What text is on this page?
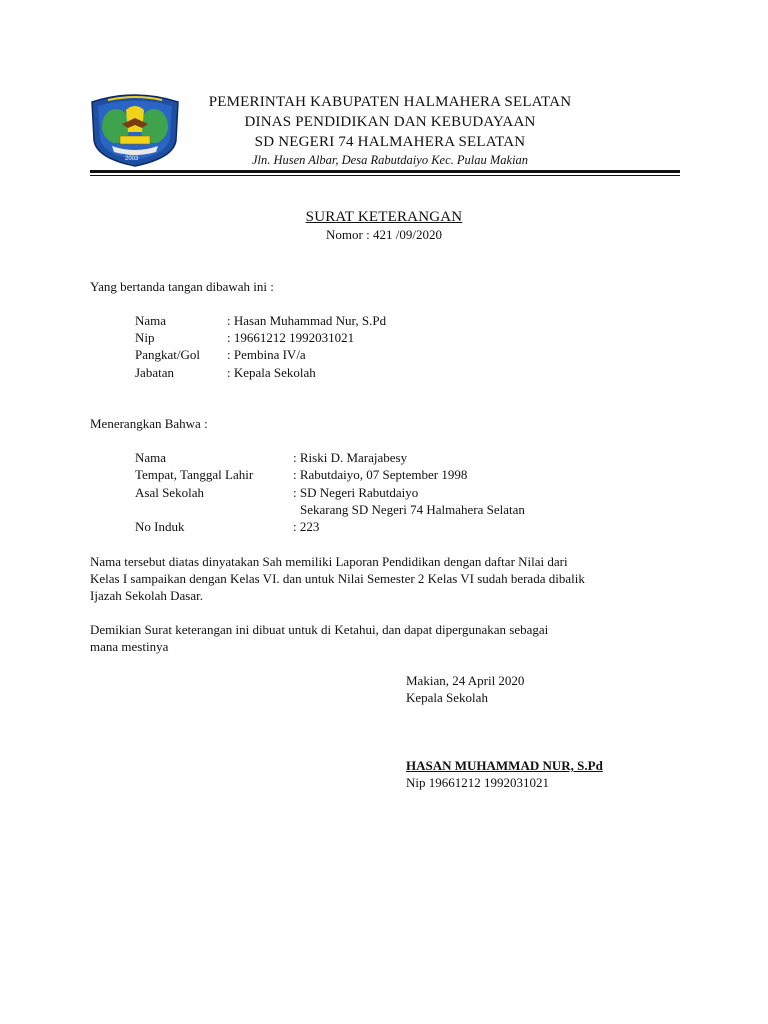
2003
PEMERINTAH KABUPATEN HALMAHERA SELATAN
DINAS PENDIDIKAN DAN KEBUDAYAAN
SD NEGERI 74 HALMAHERA SELATAN
Jln. Husen Albar, Desa Rabutdaiyo Kec. Pulau Makian
SURAT KETERANGAN
Nomor : 421 /09/2020
Yang bertanda tangan dibawah ini :
Nama	: Hasan Muhammad Nur, S.Pd
Nip	: 19661212 1992031021
Pangkat/Gol : Pembina IV/a
Jabatan	: Kepala Sekolah
Menerangkan Bahwa :
Nama	: Riski D. Marajabesy
Tempat, Tanggal Lahir	: Rabutdaiyo, 07 September 1998
Asal Sekolah	: SD Negeri Rabutdaiyo
Sekarang SD Negeri 74 Halmahera Selatan
No Induk	: 223
Nama tersebut diatas dinyatakan Sah memiliki Laporan Pendidikan dengan daftar Nilai dari
Kelas I sampaikan dengan Kelas VI. dan untuk Nilai Semester 2 Kelas VI sudah berada dibalik
Ijazah Sekolah Dasar.
Demikian Surat keterangan ini dibuat untuk di Ketahui, dan dapat dipergunakan sebagai
mana mestinya
Makian, 24 April 2020
Kepala Sekolah
HASAN MUHAMMAD NUR, S.Pd
Nip 19661212 1992031021
